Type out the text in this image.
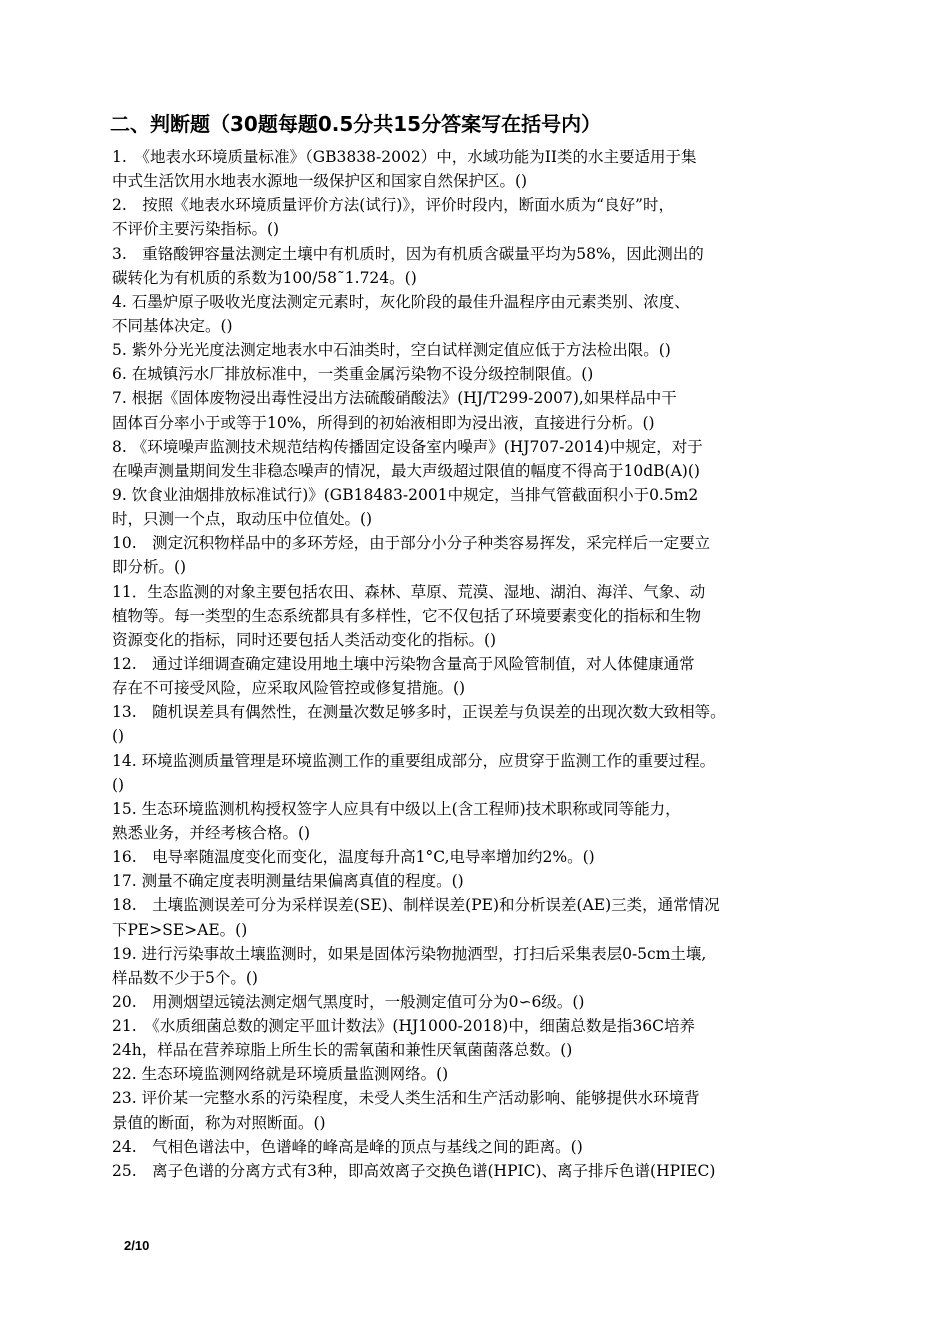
二、判断题（30题每题0.5分共15分答案写在括号内）
1.　《地表水环境质量标准》（GB3838-2002）中，水域功能为II类的水主要适用于集
中式生活饮用水地表水源地一级保护区和国家自然保护区。()
2.　按照《地表水环境质量评价方法(试行)》，评价时段内，断面水质为“良好”时，
不评价主要污染指标。()
3.　重铬酸钾容量法测定土壤中有机质时，因为有机质含碳量平均为58%，因此测出的
碳转化为有机质的系数为100/58˜1.724。()
4. 石墨炉原子吸收光度法测定元素时，灰化阶段的最佳升温程序由元素类别、浓度、
不同基体决定。()
5. 紫外分光光度法测定地表水中石油类时，空白试样测定值应低于方法检出限。()
6. 在城镇污水厂排放标准中，一类重金属污染物不设分级控制限值。()
7. 根据《固体废物浸出毒性浸出方法硫酸硝酸法》(HJ/T299-2007),如果样品中干
固体百分率小于或等于10%，所得到的初始液相即为浸出液，直接进行分析。()
8. 《环境噪声监测技术规范结构传播固定设备室内噪声》(HJ707-2014)中规定，对于
在噪声测量期间发生非稳态噪声的情况，最大声级超过限值的幅度不得高于10dB(A)()
9. 饮食业油烟排放标准试行)》(GB18483-2001中规定，当排气管截面积小于0.5m2
时，只测一个点，取动压中位值处。()
10.　测定沉积物样品中的多环芳烃，由于部分小分子种类容易挥发，采完样后一定要立
即分析。()
11．生态监测的对象主要包括农田、森林、草原、荒漠、湿地、湖泊、海洋、气象、动
植物等。每一类型的生态系统都具有多样性，它不仅包括了环境要素变化的指标和生物
资源变化的指标，同时还要包括人类活动变化的指标。()
12.　通过详细调查确定建设用地土壤中污染物含量高于风险管制值，对人体健康通常
存在不可接受风险，应采取风险管控或修复措施。()
13.　随机误差具有偶然性，在测量次数足够多时，正误差与负误差的出现次数大致相等。
()
14. 环境监测质量管理是环境监测工作的重要组成部分，应贯穿于监测工作的重要过程。
()
15. 生态环境监测机构授权签字人应具有中级以上(含工程师)技术职称或同等能力，
熟悉业务，并经考核合格。()
16.　电导率随温度变化而变化，温度每升高1°C,电导率增加约2%。()
17. 测量不确定度表明测量结果偏离真值的程度。()
18.　土壤监测误差可分为采样误差(SE)、制样误差(PE)和分析误差(AE)三类，通常情况
下PE>SE>AE。()
19. 进行污染事故土壤监测时，如果是固体污染物抛洒型，打扫后采集表层0-5cm土壤,
样品数不少于5个。()
20.　用测烟望远镜法测定烟气黑度时，一般测定值可分为0∽6级。()
21.　《水质细菌总数的测定平皿计数法》(HJ1000-2018)中，细菌总数是指36C培养
24h，样品在营养琼脂上所生长的需氧菌和兼性厌氧菌菌落总数。()
22. 生态环境监测网络就是环境质量监测网络。()
23. 评价某一完整水系的污染程度，未受人类生活和生产活动影响、能够提供水环境背
景值的断面，称为对照断面。()
24.　气相色谱法中，色谱峰的峰高是峰的顶点与基线之间的距离。()
25.　离子色谱的分离方式有3种，即高效离子交换色谱(HPIC)、离子排斥色谱(HPIEC)
2/10
